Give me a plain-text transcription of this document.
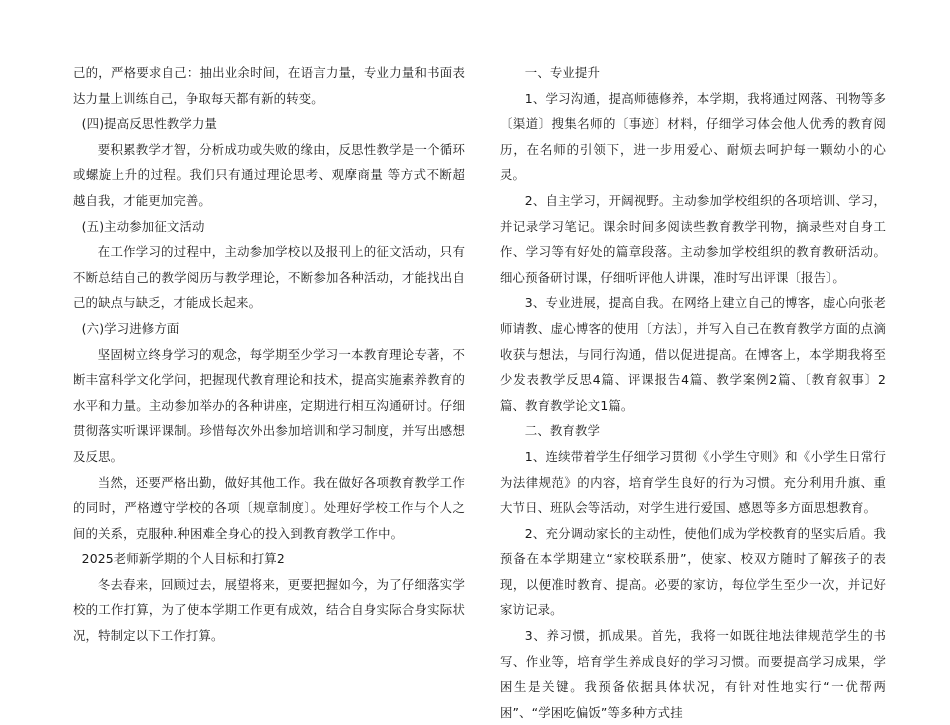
己的，严格要求自己：抽出业余时间，在语言力量，专业力量和书面表达力量上训练自己，争取每天都有新的转变。

(四)提高反思性教学力量

要积累教学才智，分析成功或失败的缘由，反思性教学是一个循环或螺旋上升的过程。我们只有通过理论思考、观摩商量 等方式不断超越自我，才能更加完善。

(五)主动参加征文活动

在工作学习的过程中，主动参加学校以及报刊上的征文活动，只有不断总结自己的教学阅历与教学理论，不断参加各种活动，才能找出自己的缺点与缺乏，才能成长起来。

(六)学习进修方面

坚固树立终身学习的观念，每学期至少学习一本教育理论专著，不断丰富科学文化学问，把握现代教育理论和技术，提高实施素养教育的水平和力量。主动参加举办的各种讲座，定期进行相互沟通研讨。仔细贯彻落实听课评课制。珍惜每次外出参加培训和学习制度，并写出感想及反思。

当然，还要严格出勤，做好其他工作。我在做好各项教育教学工作的同时，严格遵守学校的各项〔规章制度〕。处理好学校工作与个人之间的关系，克服种.种困难全身心的投入到教育教学工作中。

2025老师新学期的个人目标和打算2

冬去春来，回顾过去，展望将来，更要把握如今，为了仔细落实学校的工作打算，为了使本学期工作更有成效，结合自身实际合身实际状况，特制定以下工作打算。

一、专业提升

1、学习沟通，提高师德修养，本学期，我将通过网落、刊物等多〔渠道〕搜集名师的〔事迹〕材料，仔细学习体会他人优秀的教育阅历，在名师的引领下，进一步用爱心、耐烦去呵护每一颗幼小的心灵。

2、自主学习，开阔视野。主动参加学校组织的各项培训、学习，并记录学习笔记。课余时间多阅读些教育教学刊物，摘录些对自身工作、学习等有好处的篇章段落。主动参加学校组织的教育教研活动。细心预备研讨课，仔细听评他人讲课，准时写出评课〔报告〕。

3、专业进展，提高自我。在网络上建立自己的博客，虚心向张老师请教、虚心博客的使用〔方法〕，并写入自己在教育教学方面的点滴收获与想法，与同行沟通，借以促进提高。在博客上，本学期我将至少发表教学反思4篇、评课报告4篇、教学案例2篇、〔教育叙事〕2篇、教育教学论文1篇。

二、教育教学

1、连续带着学生仔细学习贯彻《小学生守则》和《小学生日常行为法律规范》的内容，培育学生良好的行为习惯。充分利用升旗、重大节日、班队会等活动，对学生进行爱国、感恩等多方面思想教育。

2、充分调动家长的主动性，使他们成为学校教育的坚实后盾。我预备在本学期建立“家校联系册”，使家、校双方随时了解孩子的表现，以便准时教育、提高。必要的家访，每位学生至少一次，并记好家访记录。

3、养习惯，抓成果。首先，我将一如既往地法律规范学生的书写、作业等，培育学生养成良好的学习习惯。而要提高学习成果，学困生是关键。我预备依据具体状况，有针对性地实行“一优帮两困”、“学困吃偏饭”等多种方式挂
